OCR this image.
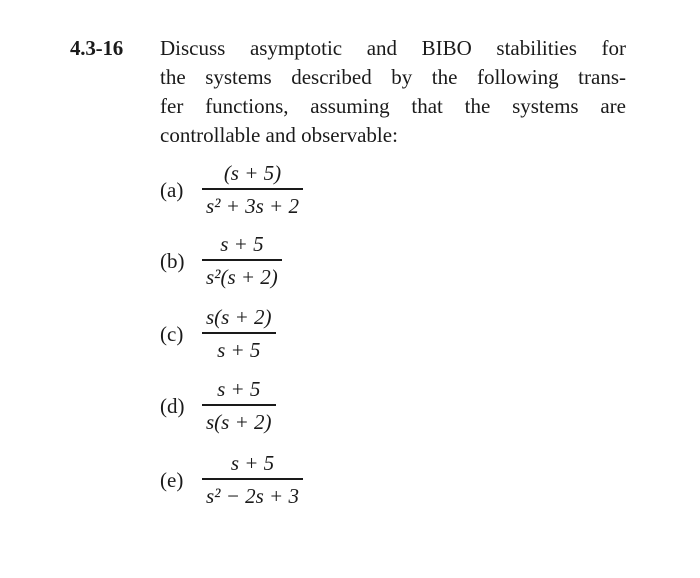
4.3-16 Discuss asymptotic and BIBO stabilities for
the systems described by the following trans-
fer functions, assuming that the systems are
controllable and observable:
(a)
(s + 5)
s² + 3s + 2
(b)
s + 5
s²(s + 2)
(c)
s(s + 2)
s + 5
(d)
s + 5
s(s + 2)
(e)
s + 5
s² − 2s + 3
